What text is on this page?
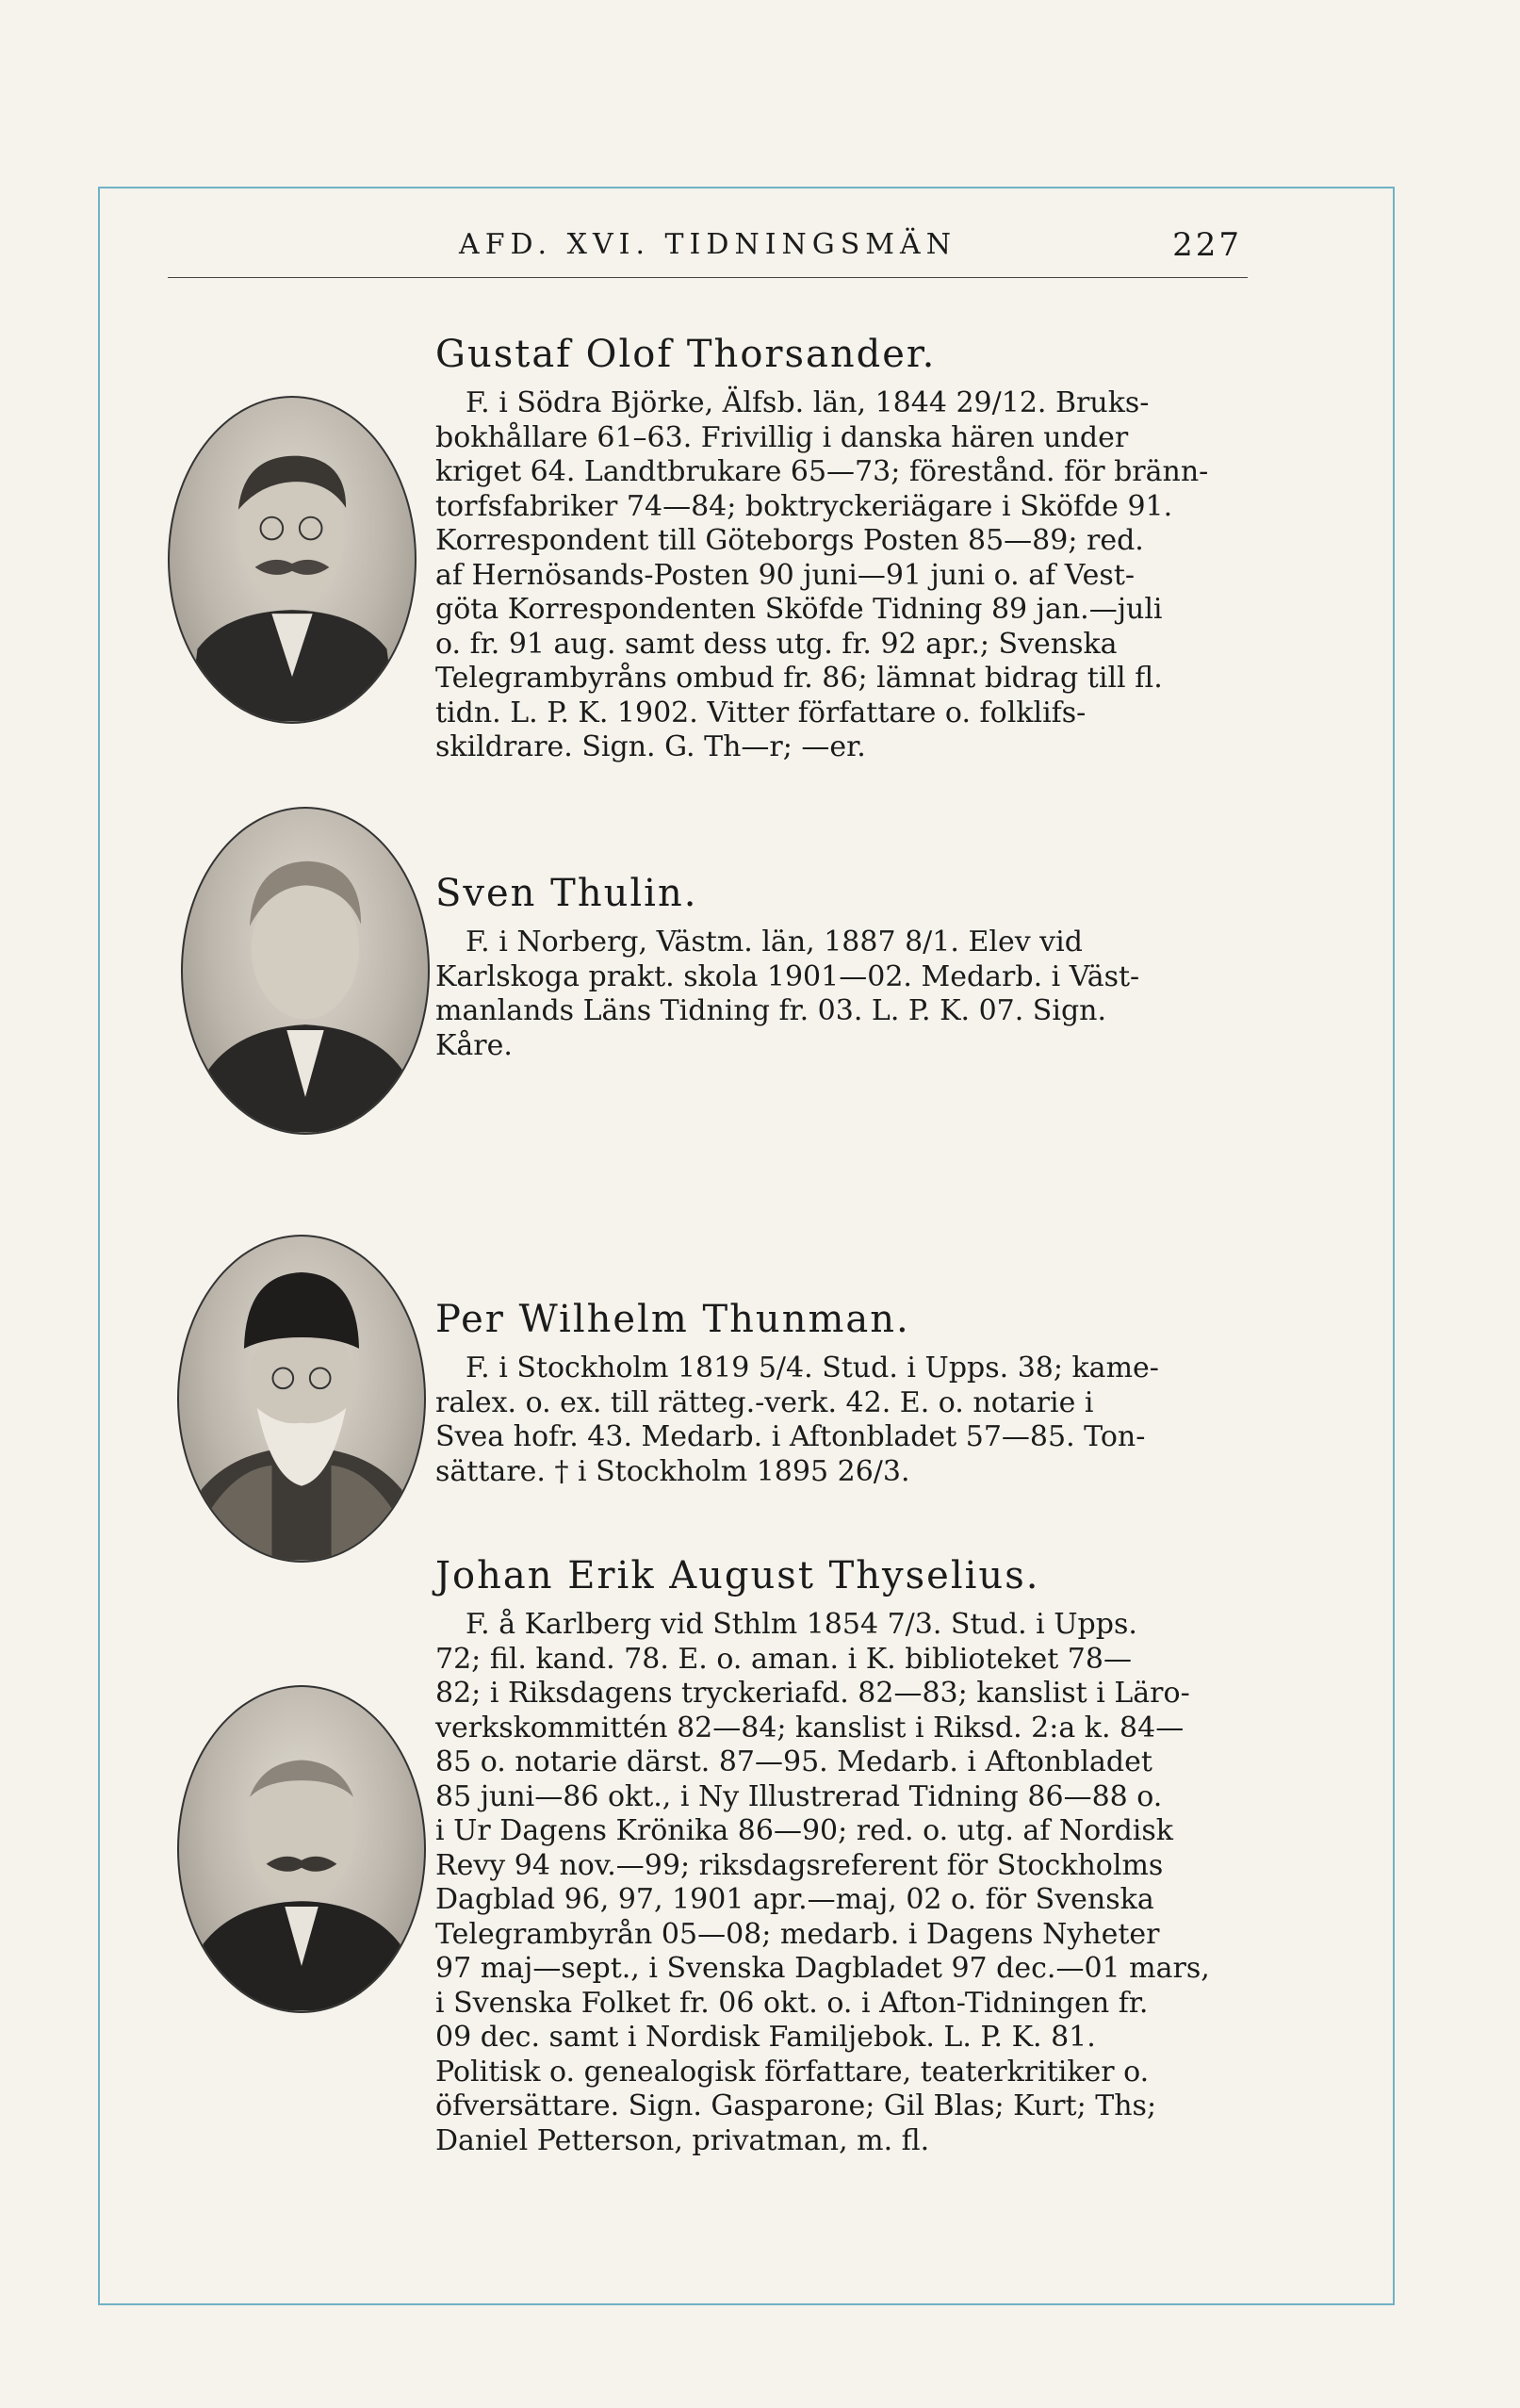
AFD. XVI. TIDNINGSMÄN	227
Gustaf Olof Thorsander.

F. i Södra Björke, Älfsb. län, 1844 29/12. Bruks-
bokhållare 61–63. Frivillig i danska hären under
kriget 64. Landtbrukare 65—73; förestånd. för bränn-
torfsfabriker 74—84; boktryckeriägare i Sköfde 91.
Korrespondent till Göteborgs Posten 85—89; red.
af Hernösands-Posten 90 juni—91 juni o. af Vest-
göta Korrespondenten Sköfde Tidning 89 jan.—juli
o. fr. 91 aug. samt dess utg. fr. 92 apr.; Svenska
Telegrambyråns ombud fr. 86; lämnat bidrag till fl.
tidn. L. P. K. 1902. Vitter författare o. folklifs-
skildrare. Sign. G. Th—r; —er.

Sven Thulin.

F. i Norberg, Västm. län, 1887 8/1. Elev vid
Karlskoga prakt. skola 1901—02. Medarb. i Väst-
manlands Läns Tidning fr. 03. L. P. K. 07. Sign.
Kåre.

Per Wilhelm Thunman.

F. i Stockholm 1819 5/4. Stud. i Upps. 38; kame-
ralex. o. ex. till rätteg.-verk. 42. E. o. notarie i
Svea hofr. 43. Medarb. i Aftonbladet 57—85. Ton-
sättare. † i Stockholm 1895 26/3.

Johan Erik August Thyselius.

F. å Karlberg vid Sthlm 1854 7/3. Stud. i Upps.
72; fil. kand. 78. E. o. aman. i K. biblioteket 78—
82; i Riksdagens tryckeriafd. 82—83; kanslist i Läro-
verkskommittén 82—84; kanslist i Riksd. 2:a k. 84—
85 o. notarie därst. 87—95. Medarb. i Aftonbladet
85 juni—86 okt., i Ny Illustrerad Tidning 86—88 o.
i Ur Dagens Krönika 86—90; red. o. utg. af Nordisk
Revy 94 nov.—99; riksdagsreferent för Stockholms
Dagblad 96, 97, 1901 apr.—maj, 02 o. för Svenska
Telegrambyrån 05—08; medarb. i Dagens Nyheter
97 maj—sept., i Svenska Dagbladet 97 dec.—01 mars,
i Svenska Folket fr. 06 okt. o. i Afton-Tidningen fr.
09 dec. samt i Nordisk Familjebok. L. P. K. 81.
Politisk o. genealogisk författare, teaterkritiker o.
öfversättare. Sign. Gasparone; Gil Blas; Kurt; Ths;
Daniel Petterson, privatman, m. fl.
